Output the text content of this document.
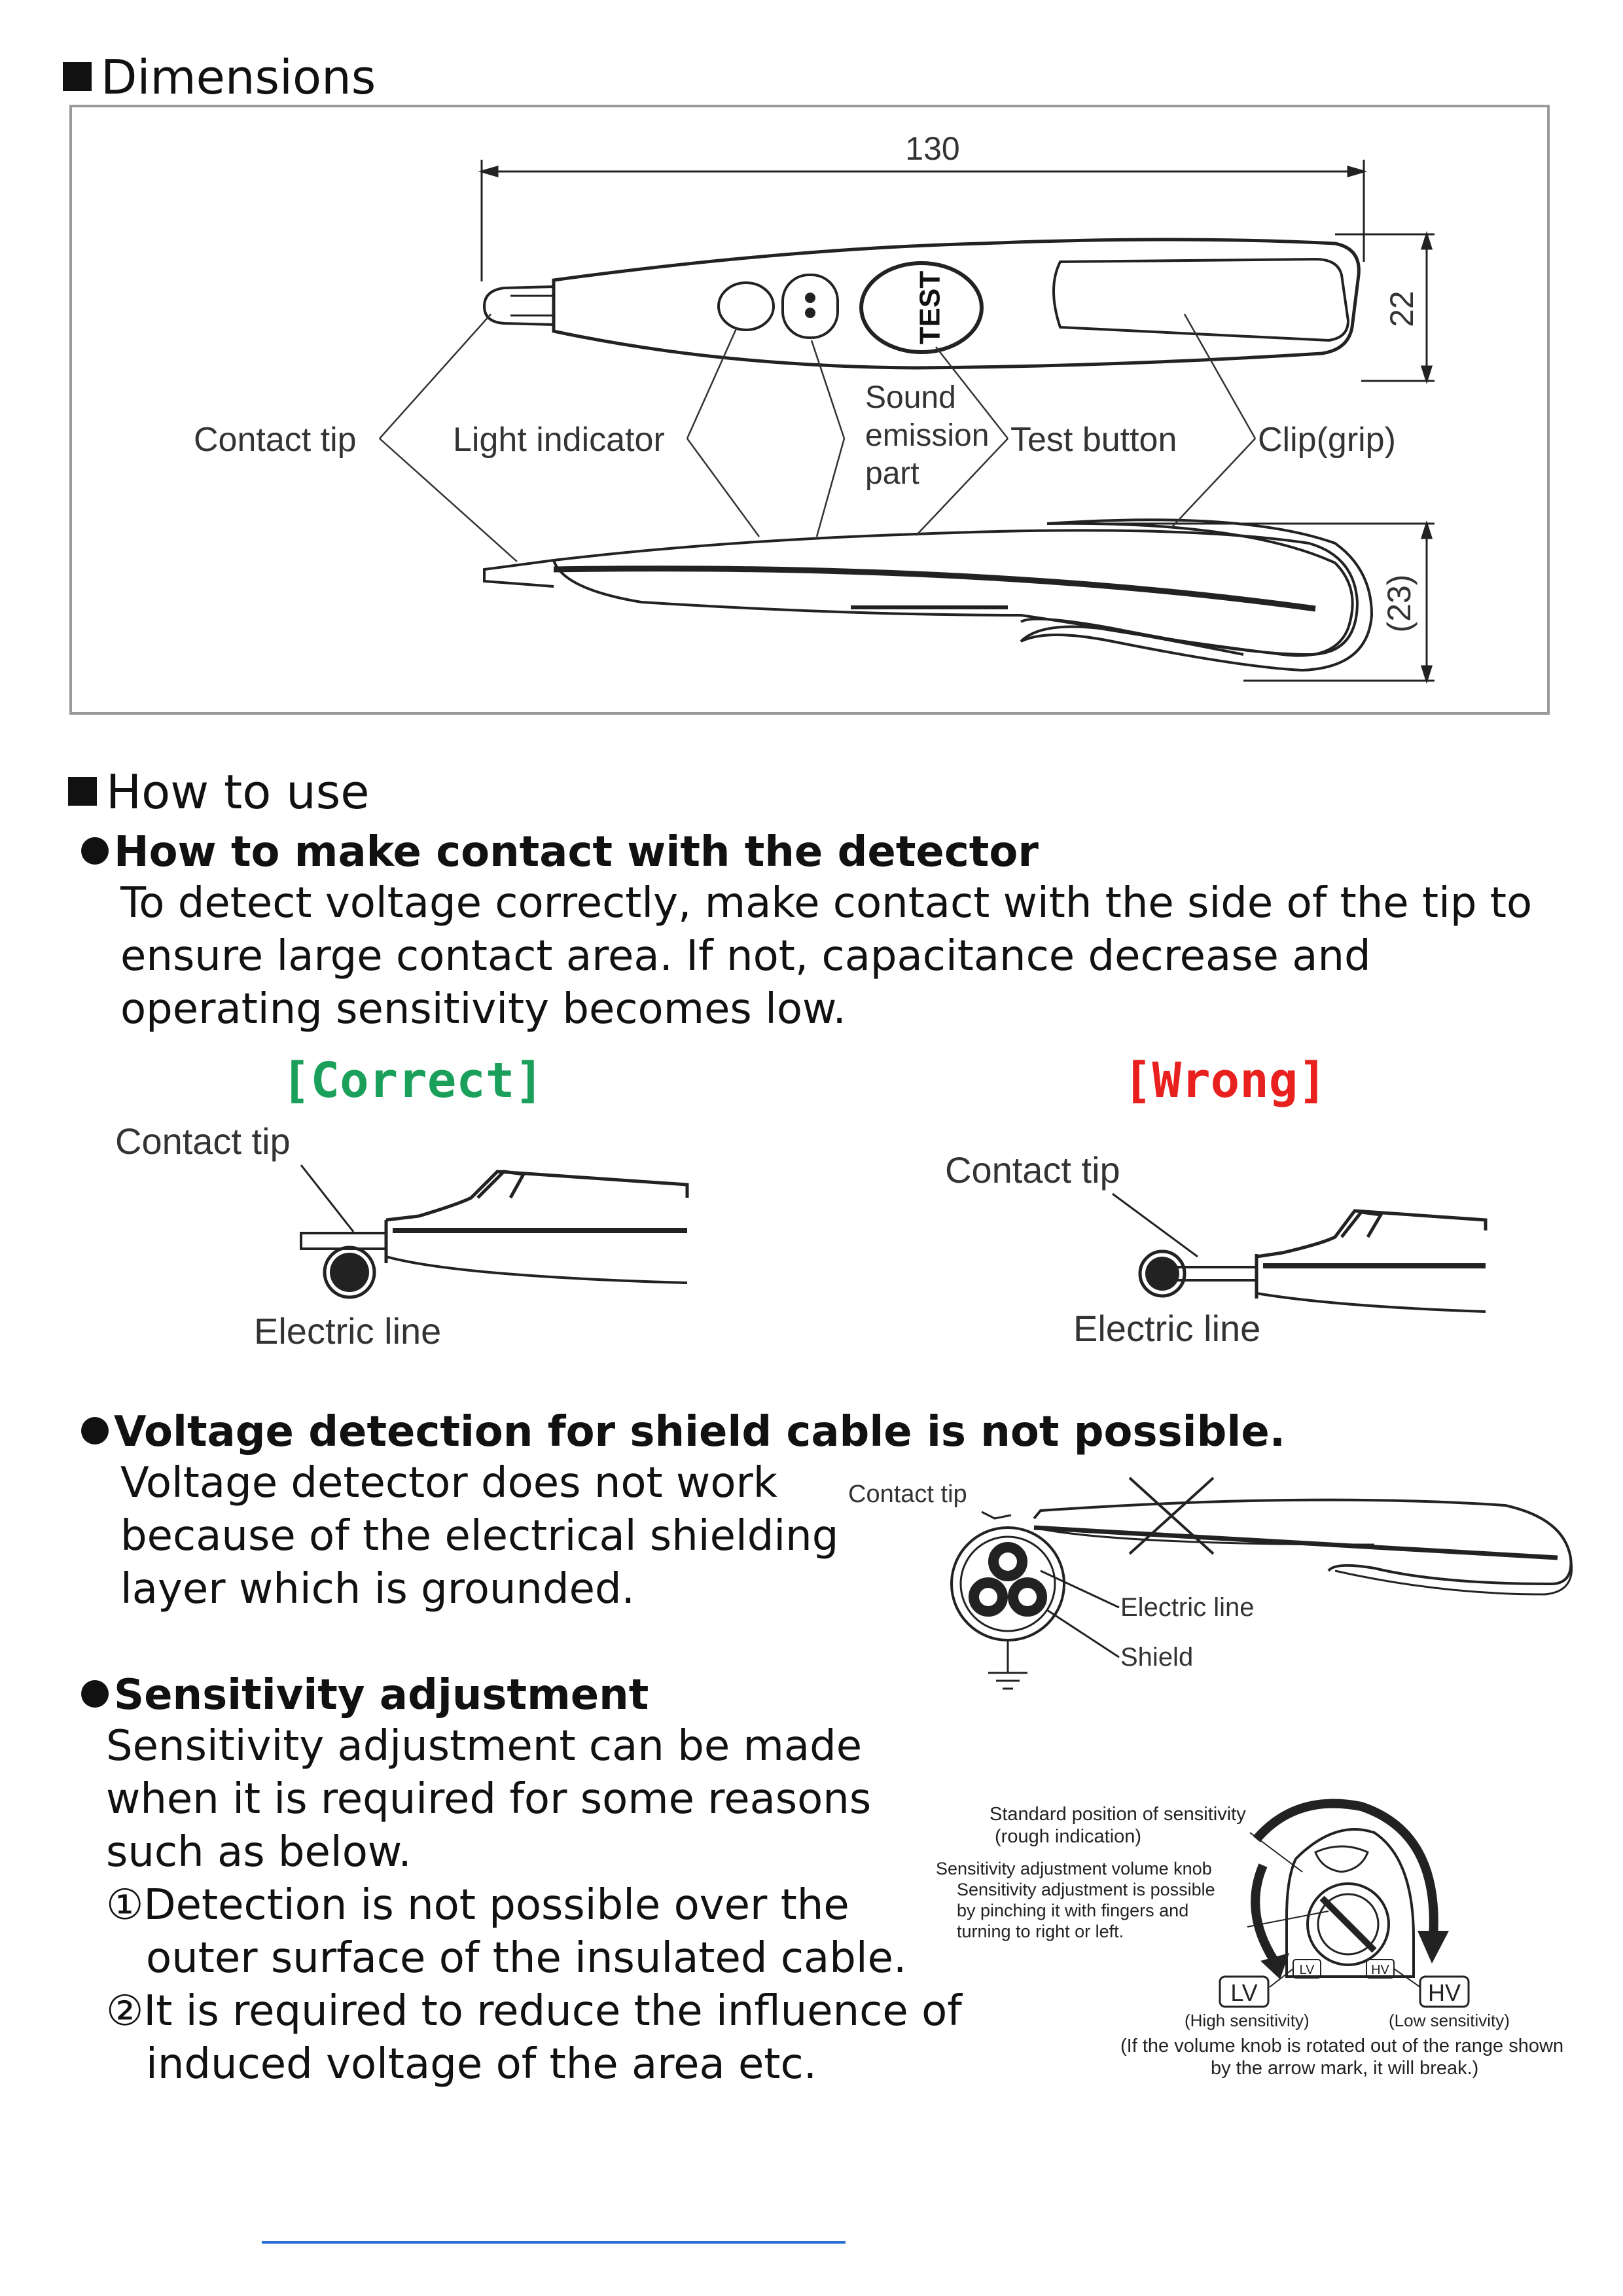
Dimensions
TEST
130
22
(23)
Contact tip	Light indicator
Sound
emission
part
Test button Clip(grip)
How to use
How to make contact with the detector
To detect voltage correctly, make contact with the side of the tip to
ensure large contact area. If not, capacitance decrease and
operating sensitivity becomes low.
[Correct]	[Wrong]
Contact tip
Electric line
Contact tip
Electric line
Voltage detection for shield cable is not possible.
Voltage detector does not work
because of the electrical shielding
layer which is grounded.
Contact tip
Electric line
Shield
Sensitivity adjustment
Sensitivity adjustment can be made
when it is required for some reasons
such as below.
①Detection is not possible over the
outer surface of the insulated cable.
②It is required to reduce the influence of
induced voltage of the area etc.
Standard position of sensitivity
(rough indication)
Sensitivity adjustment volume knob
Sensitivity adjustment is possible
by pinching it with fingers and
turning to right or left.
LV	HV
LV	HV
(High sensitivity)	(Low sensitivity)
(If the volume knob is rotated out of the range shown
by the arrow mark, it will break.)
